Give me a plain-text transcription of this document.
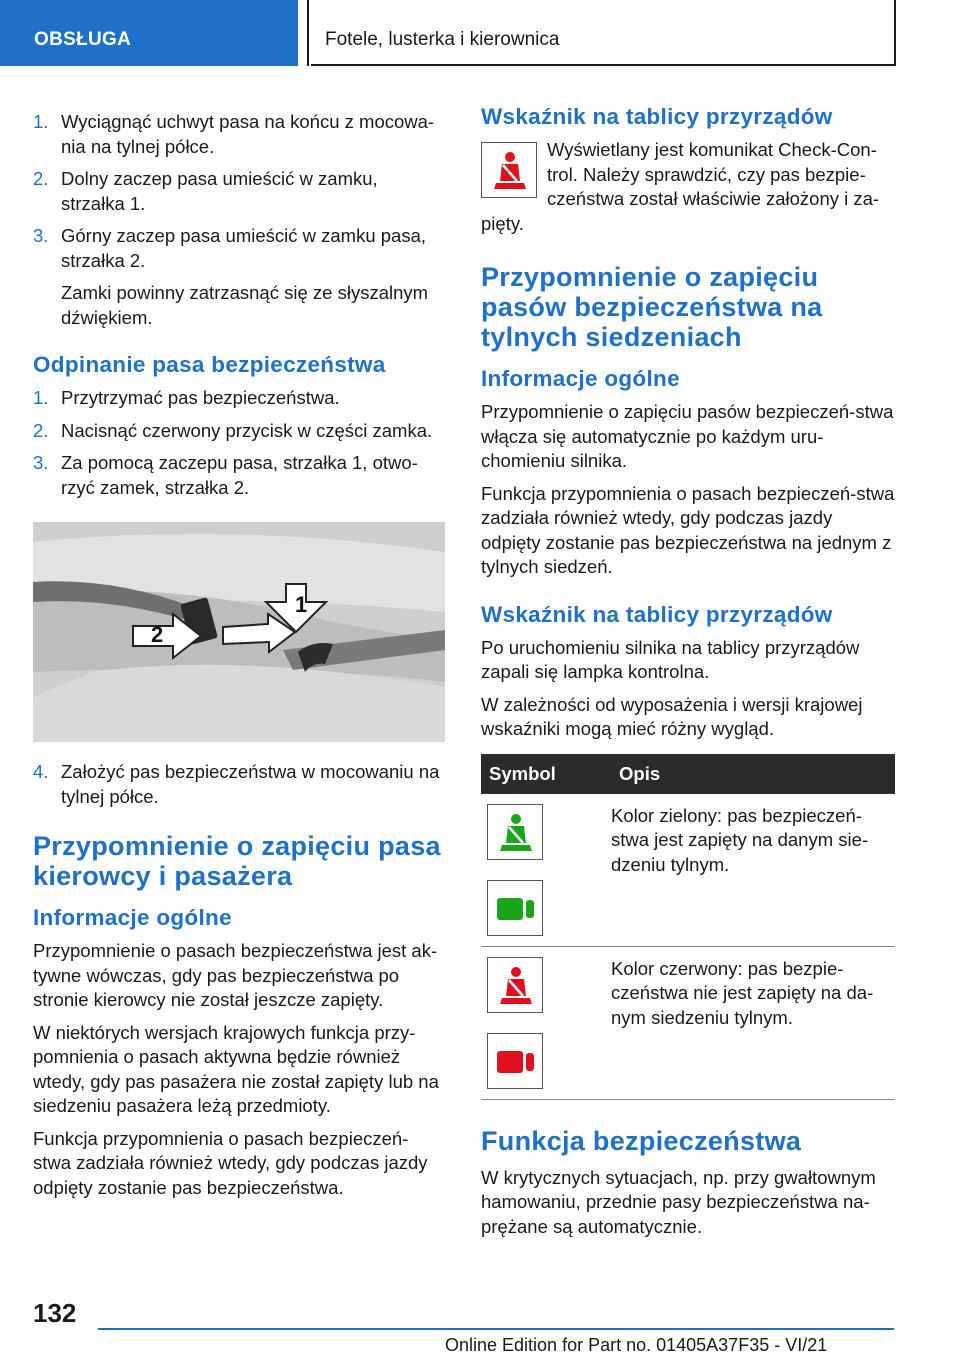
OBSŁUGA	Fotele, lusterka i kierownica
1. Wyciągnąć uchwyt pasa na końcu z mocowa-nia na tylnej półce.
2. Dolny zaczep pasa umieścić w zamku, strzałka 1.
3. Górny zaczep pasa umieścić w zamku pasa, strzałka 2.

Zamki powinny zatrzasnąć się ze słyszalnym dźwiękiem.

Odpinanie pasa bezpieczeństwa
1. Przytrzymać pas bezpieczeństwa.
2. Nacisnąć czerwony przycisk w części zamka.
3. Za pomocą zaczepu pasa, strzałka 1, otwo-rzyć zamek, strzałka 2.
1
2
4. Założyć pas bezpieczeństwa w mocowaniu na tylnej półce.
Przypomnienie o zapięciu pasa kierowcy i pasażera
Informacje ogólne

Przypomnienie o pasach bezpieczeństwa jest ak-tywne wówczas, gdy pas bezpieczeństwa po stronie kierowcy nie został jeszcze zapięty.

W niektórych wersjach krajowych funkcja przy-pomnienia o pasach aktywna będzie również wtedy, gdy pas pasażera nie został zapięty lub na siedzeniu pasażera leżą przedmioty.

Funkcja przypomnienia o pasach bezpieczeń-stwa zadziała również wtedy, gdy podczas jazdy odpięty zostanie pas bezpieczeństwa.

Wskaźnik na tablicy przyrządów

Wyświetlany jest komunikat Check-Con-trol. Należy sprawdzić, czy pas bezpie-czeństwa został właściwie założony i za-

pięty.

Przypomnienie o zapięciu pasów bezpieczeństwa na tylnych siedzeniach
Informacje ogólne

Przypomnienie o zapięciu pasów bezpieczeń-stwa włącza się automatycznie po każdym uru-chomieniu silnika.

Funkcja przypomnienia o pasach bezpieczeń-stwa zadziała również wtedy, gdy podczas jazdy odpięty zostanie pas bezpieczeństwa na jednym z tylnych siedzeń.

Wskaźnik na tablicy przyrządów

Po uruchomieniu silnika na tablicy przyrządów zapali się lampka kontrolna.

W zależności od wyposażenia i wersji krajowej wskaźniki mogą mieć różny wygląd.

Symbol	Opis
Kolor zielony: pas bezpieczeń-stwa jest zapięty na danym sie-dzeniu tylnym.
Kolor czerwony: pas bezpie-czeństwa nie jest zapięty na da-nym siedzeniu tylnym.
Funkcja bezpieczeństwa

W krytycznych sytuacjach, np. przy gwałtownym hamowaniu, przednie pasy bezpieczeństwa na-prężane są automatycznie.

132
Online Edition for Part no. 01405A37F35 - VI/21
